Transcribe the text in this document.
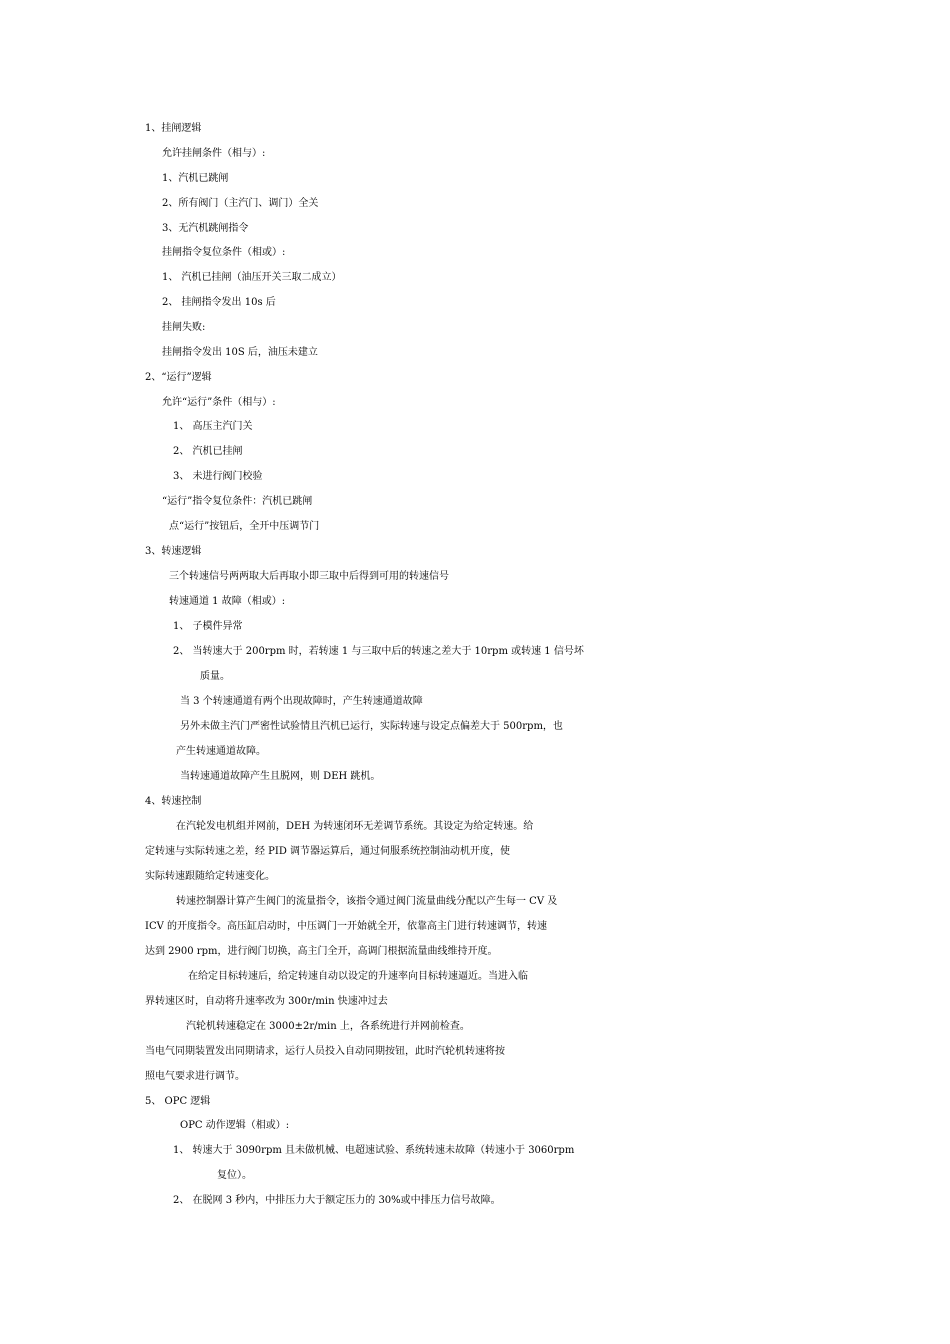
1、挂闸逻辑
允许挂闸条件（相与）:
1、汽机已跳闸
2、所有阀门（主汽门、调门）全关
3、无汽机跳闸指令
挂闸指令复位条件（相或）:
1、 汽机已挂闸（油压开关三取二成立）
2、 挂闸指令发出 10s 后
挂闸失败:
挂闸指令发出 10S 后，油压未建立
2、“运行”逻辑
允许“运行”条件（相与）:
1、 高压主汽门关
2、 汽机已挂闸
3、 未进行阀门校验
“运行”指令复位条件：汽机已跳闸
点“运行”按钮后，全开中压调节门
3、转速逻辑
三个转速信号两两取大后再取小即三取中后得到可用的转速信号
转速通道 1 故障（相或）:
1、 子模件异常
2、 当转速大于 200rpm 时，若转速 1 与三取中后的转速之差大于 10rpm 或转速 1 信号坏
质量。
当 3 个转速通道有两个出现故障时，产生转速通道故障
另外未做主汽门严密性试验情且汽机已运行，实际转速与设定点偏差大于 500rpm，也
产生转速通道故障。
当转速通道故障产生且脱网，则 DEH 跳机。
4、转速控制
在汽轮发电机组并网前，DEH 为转速闭环无差调节系统。其设定为给定转速。给
定转速与实际转速之差，经 PID 调节器运算后，通过伺服系统控制油动机开度，使
实际转速跟随给定转速变化。
转速控制器计算产生阀门的流量指令，该指令通过阀门流量曲线分配以产生每一 CV 及
ICV 的开度指令。高压缸启动时，中压调门一开始就全开，依靠高主门进行转速调节，转速
达到 2900 rpm，进行阀门切换，高主门全开，高调门根据流量曲线维持开度。
在给定目标转速后，给定转速自动以设定的升速率向目标转速逼近。当进入临
界转速区时，自动将升速率改为 300r/min 快速冲过去
汽轮机转速稳定在 3000±2r/min 上，各系统进行并网前检查。
当电气同期装置发出同期请求，运行人员投入自动同期按钮，此时汽轮机转速将按
照电气要求进行调节。
5、 OPC 逻辑
OPC 动作逻辑（相或）:
1、 转速大于 3090rpm 且未做机械、电超速试验、系统转速未故障（转速小于 3060rpm
复位）。
2、 在脱网 3 秒内，中排压力大于额定压力的 30%或中排压力信号故障。
